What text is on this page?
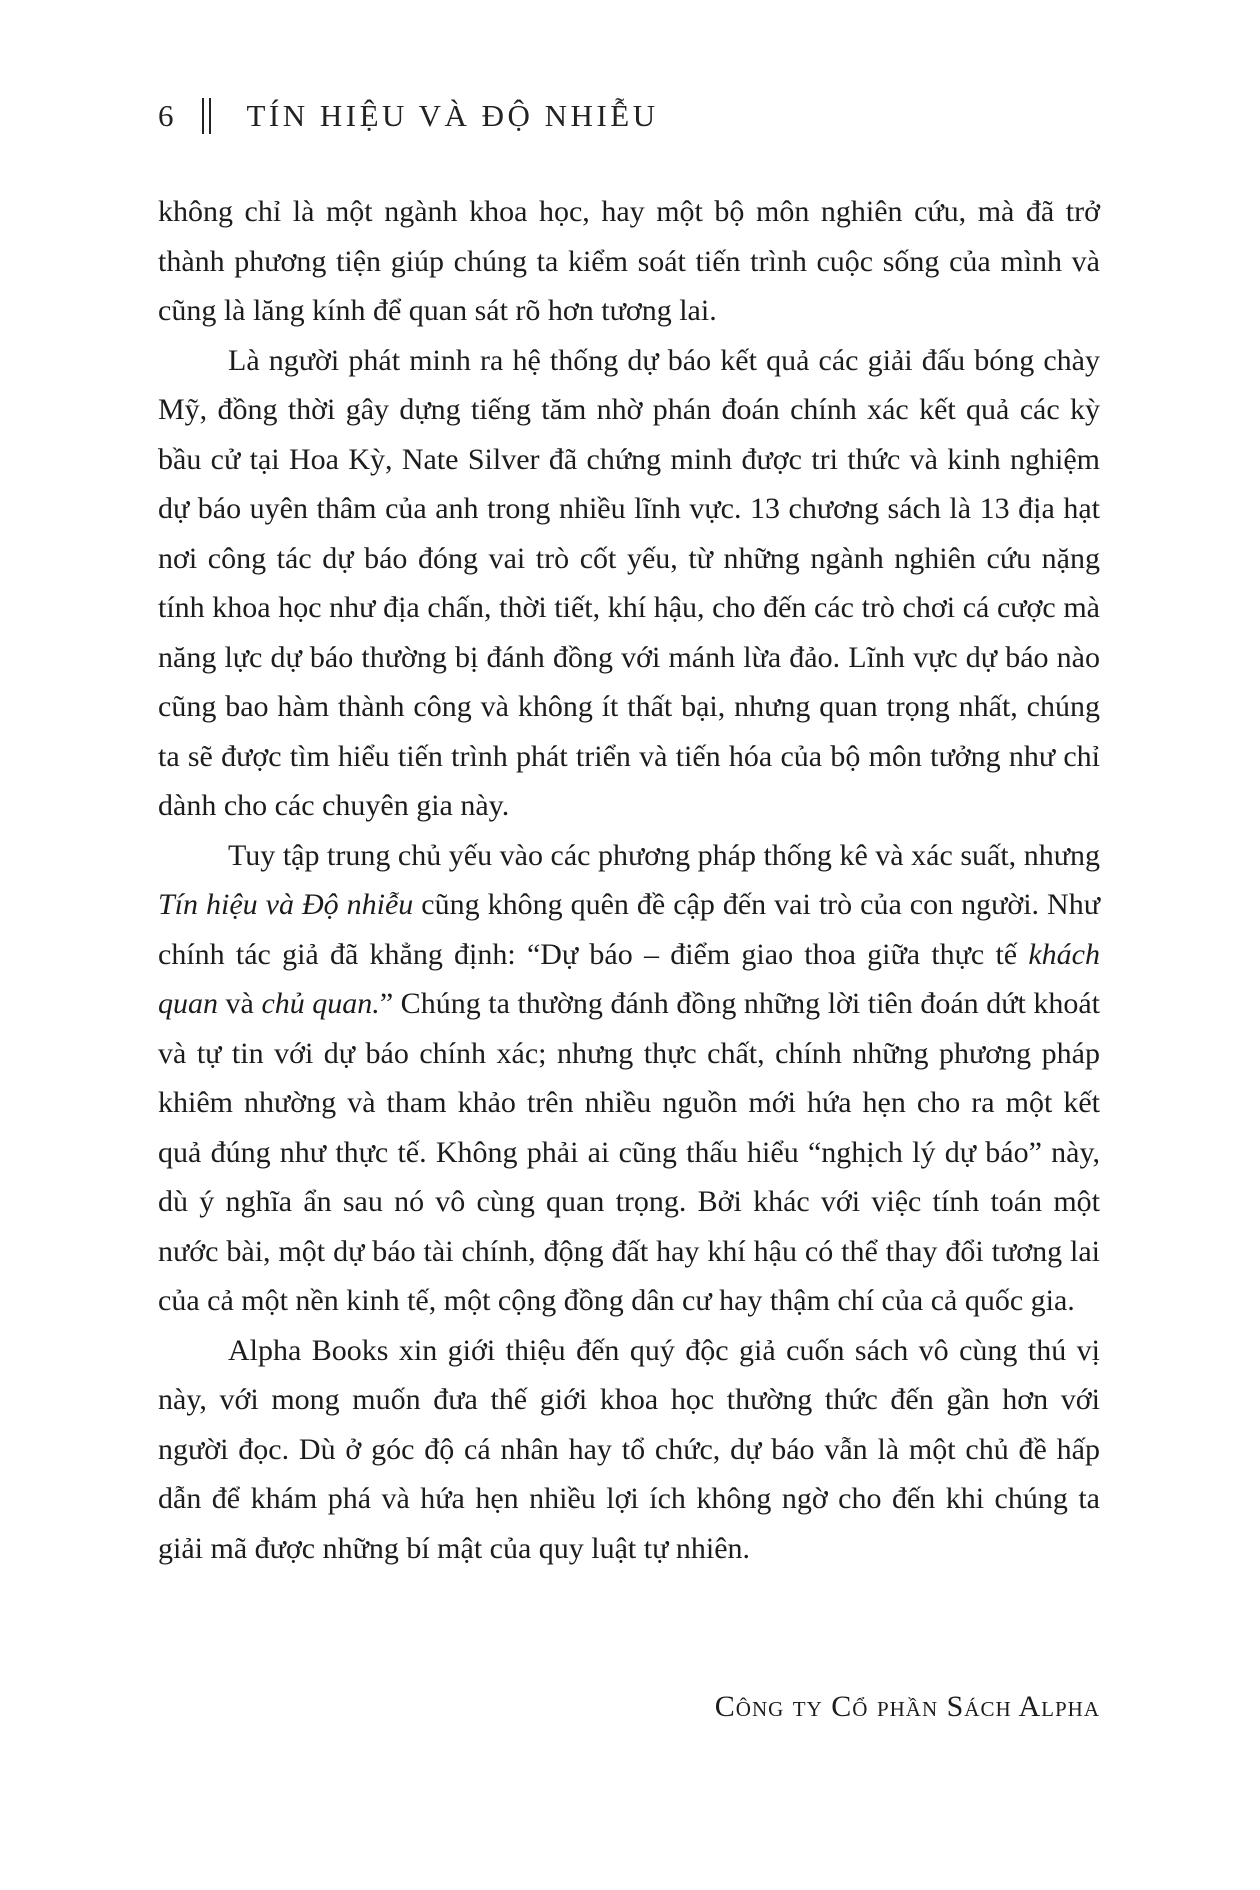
6 TÍN HIỆU VÀ ĐỘ NHIỄU

không chỉ là một ngành khoa học, hay một bộ môn nghiên cứu, mà đã trở thành phương tiện giúp chúng ta kiểm soát tiến trình cuộc sống của mình và cũng là lăng kính để quan sát rõ hơn tương lai.

Là người phát minh ra hệ thống dự báo kết quả các giải đấu bóng chày Mỹ, đồng thời gây dựng tiếng tăm nhờ phán đoán chính xác kết quả các kỳ bầu cử tại Hoa Kỳ, Nate Silver đã chứng minh được tri thức và kinh nghiệm dự báo uyên thâm của anh trong nhiều lĩnh vực. 13 chương sách là 13 địa hạt nơi công tác dự báo đóng vai trò cốt yếu, từ những ngành nghiên cứu nặng tính khoa học như địa chấn, thời tiết, khí hậu, cho đến các trò chơi cá cược mà năng lực dự báo thường bị đánh đồng với mánh lừa đảo. Lĩnh vực dự báo nào cũng bao hàm thành công và không ít thất bại, nhưng quan trọng nhất, chúng ta sẽ được tìm hiểu tiến trình phát triển và tiến hóa của bộ môn tưởng như chỉ dành cho các chuyên gia này.

Tuy tập trung chủ yếu vào các phương pháp thống kê và xác suất, nhưng Tín hiệu và Độ nhiễu cũng không quên đề cập đến vai trò của con người. Như chính tác giả đã khẳng định: “Dự báo – điểm giao thoa giữa thực tế khách quan và chủ quan.” Chúng ta thường đánh đồng những lời tiên đoán dứt khoát và tự tin với dự báo chính xác; nhưng thực chất, chính những phương pháp khiêm nhường và tham khảo trên nhiều nguồn mới hứa hẹn cho ra một kết quả đúng như thực tế. Không phải ai cũng thấu hiểu “nghịch lý dự báo” này, dù ý nghĩa ẩn sau nó vô cùng quan trọng. Bởi khác với việc tính toán một nước bài, một dự báo tài chính, động đất hay khí hậu có thể thay đổi tương lai của cả một nền kinh tế, một cộng đồng dân cư hay thậm chí của cả quốc gia.

Alpha Books xin giới thiệu đến quý độc giả cuốn sách vô cùng thú vị này, với mong muốn đưa thế giới khoa học thường thức đến gần hơn với người đọc. Dù ở góc độ cá nhân hay tổ chức, dự báo vẫn là một chủ đề hấp dẫn để khám phá và hứa hẹn nhiều lợi ích không ngờ cho đến khi chúng ta giải mã được những bí mật của quy luật tự nhiên.

Công ty Cổ phần Sách Alpha
